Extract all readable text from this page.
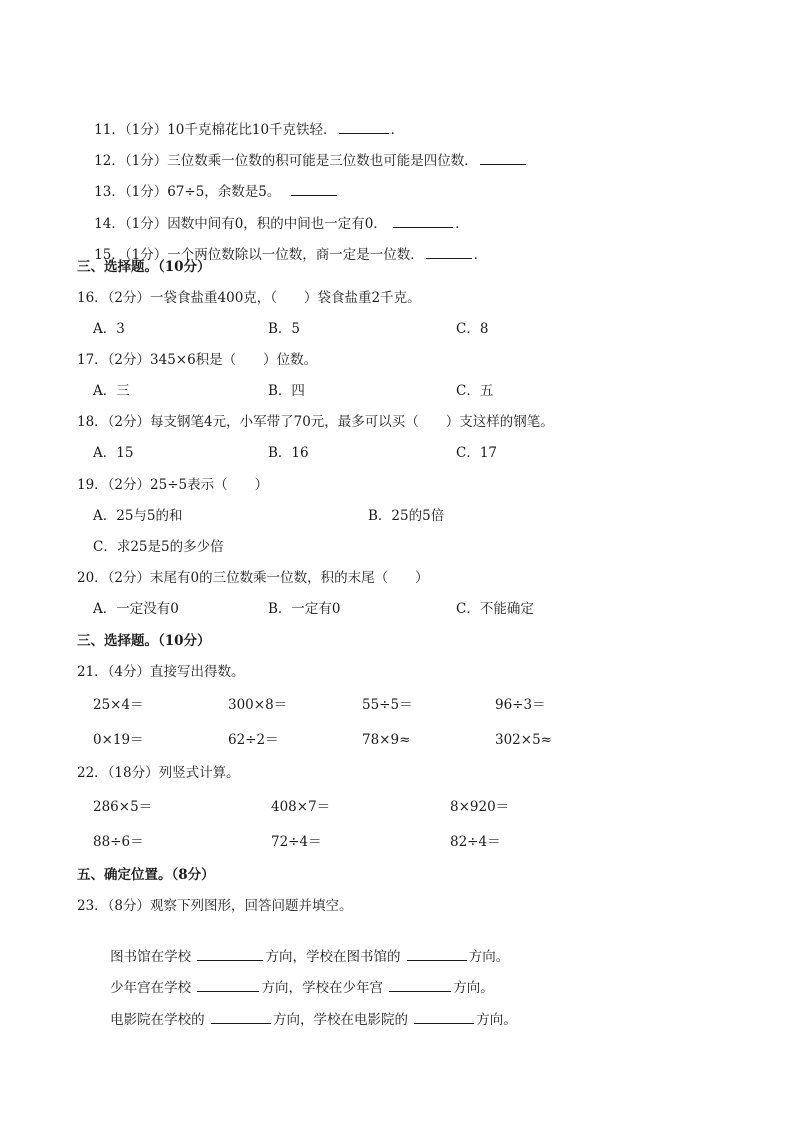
11．（1分）10千克棉花比10千克铁轻．	．

12．（1分）三位数乘一位数的积可能是三位数也可能是四位数．

13．（1分）67÷5，余数是5。

14．（1分）因数中间有0，积的中间也一定有0．	．

15．（1分）一个两位数除以一位数，商一定是一位数．	．

三、选择题。（10分）
16．（2分）一袋食盐重400克，（　　）袋食盐重2千克。
A．3	B．5	C．8
17．（2分）345×6积是（　　）位数。
A．三	B．四	C．五
18．（2分）每支钢笔4元，小军带了70元，最多可以买（　　）支这样的钢笔。
A．15	B．16	C．17
19．（2分）25÷5表示（　　）
A．25与5的和	B．25的5倍
C．求25是5的多少倍
20．（2分）末尾有0的三位数乘一位数，积的末尾（　　）
A．一定没有0	B．一定有0	C．不能确定
三、选择题。（10分）
21．（4分）直接写出得数。
25×4＝	300×8＝	55÷5＝	96÷3＝
0×19＝	62÷2＝	78×9≈	302×5≈
22．（18分）列竖式计算。
286×5＝	408×7＝	8×920＝
88÷6＝	72÷4＝	82÷4＝
五、确定位置。（8分）
23．（8分）观察下列图形，回答问题并填空。

图书馆在学校	方向，学校在图书馆的	方向。

少年宫在学校	方向，学校在少年宫	方向。

电影院在学校的	方向，学校在电影院的	方向。
